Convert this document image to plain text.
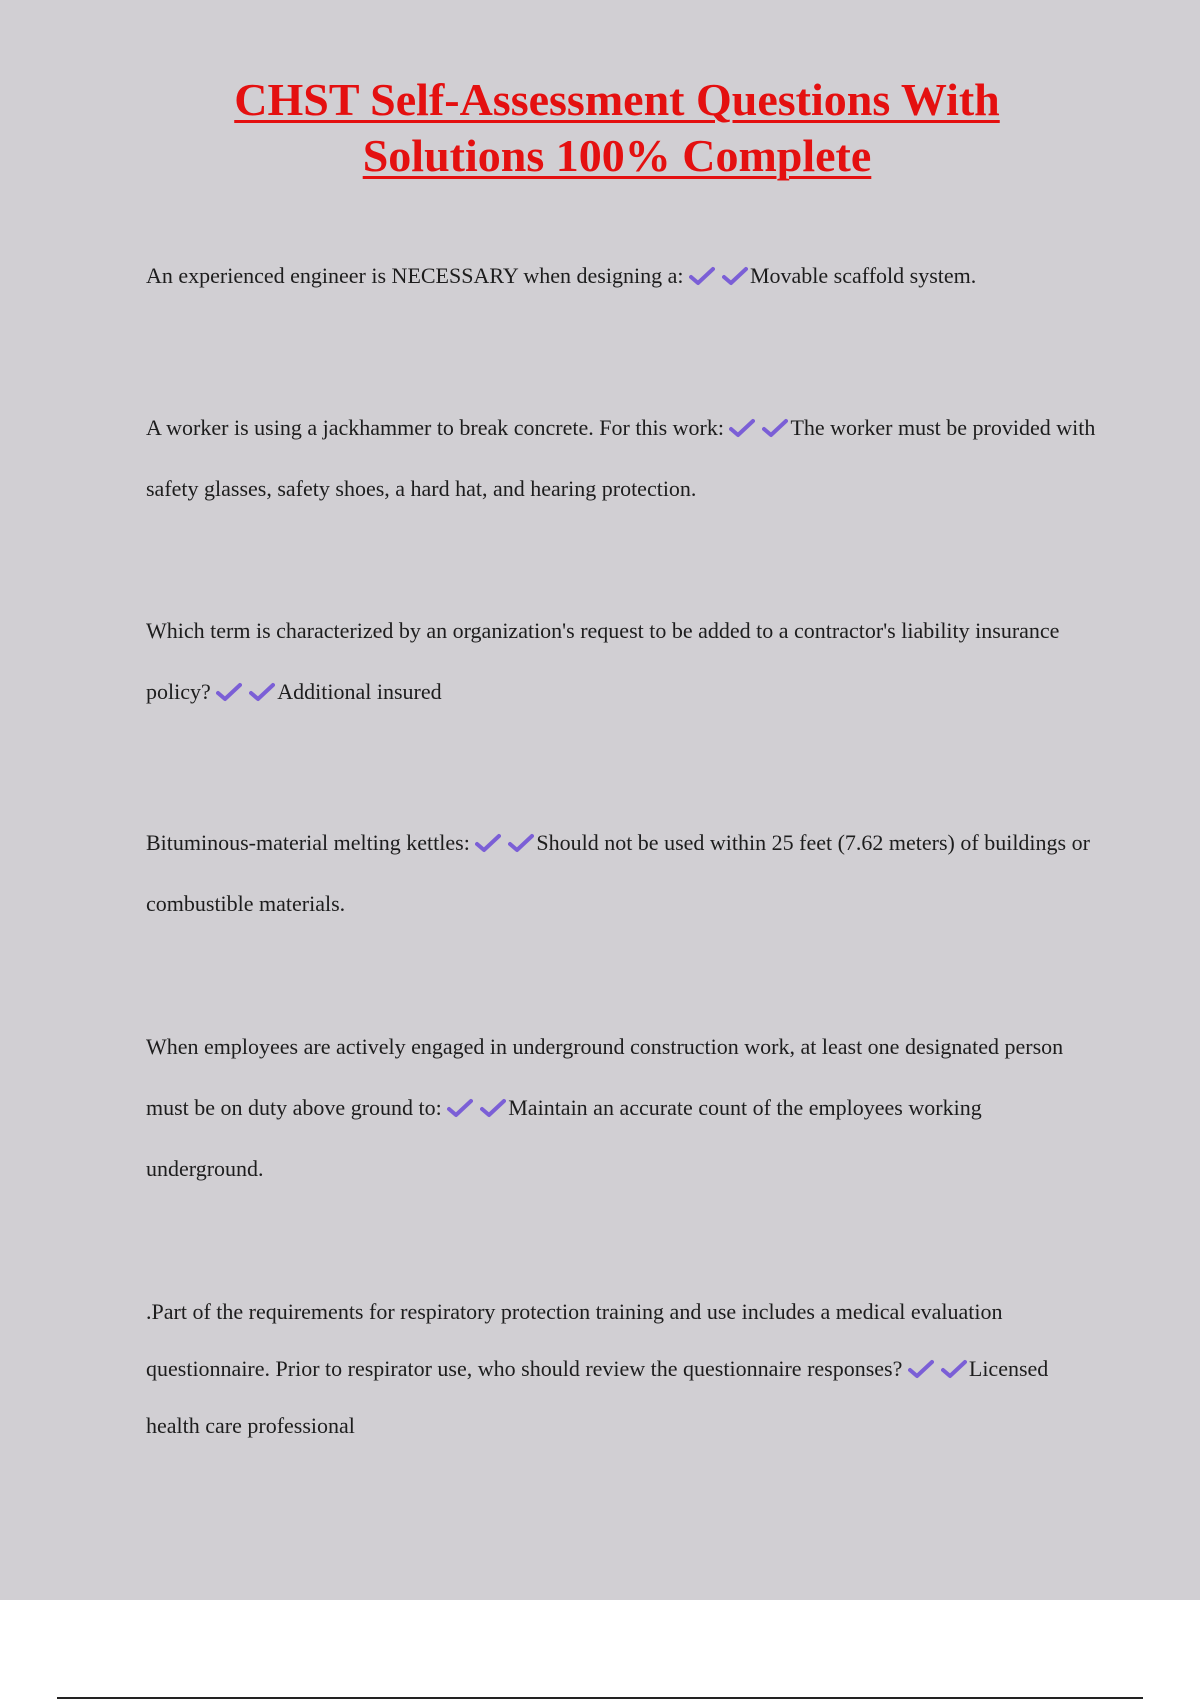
CHST Self-Assessment Questions With
Solutions 100% Complete

An experienced engineer is NECESSARY when designing a:	Movable scaffold system.

A worker is using a jackhammer to break concrete. For this work:	The worker must be provided with safety glasses, safety shoes, a hard hat, and hearing protection.

Which term is characterized by an organization's request to be added to a contractor's liability insurance policy?	Additional insured

Bituminous-material melting kettles:	Should not be used within 25 feet (7.62 meters) of buildings or combustible materials.

When employees are actively engaged in underground construction work, at least one designated person must be on duty above ground to:	Maintain an accurate count of the employees working underground.

.Part of the requirements for respiratory protection training and use includes a medical evaluation questionnaire. Prior to respirator use, who should review the questionnaire responses?	Licensed health care professional
